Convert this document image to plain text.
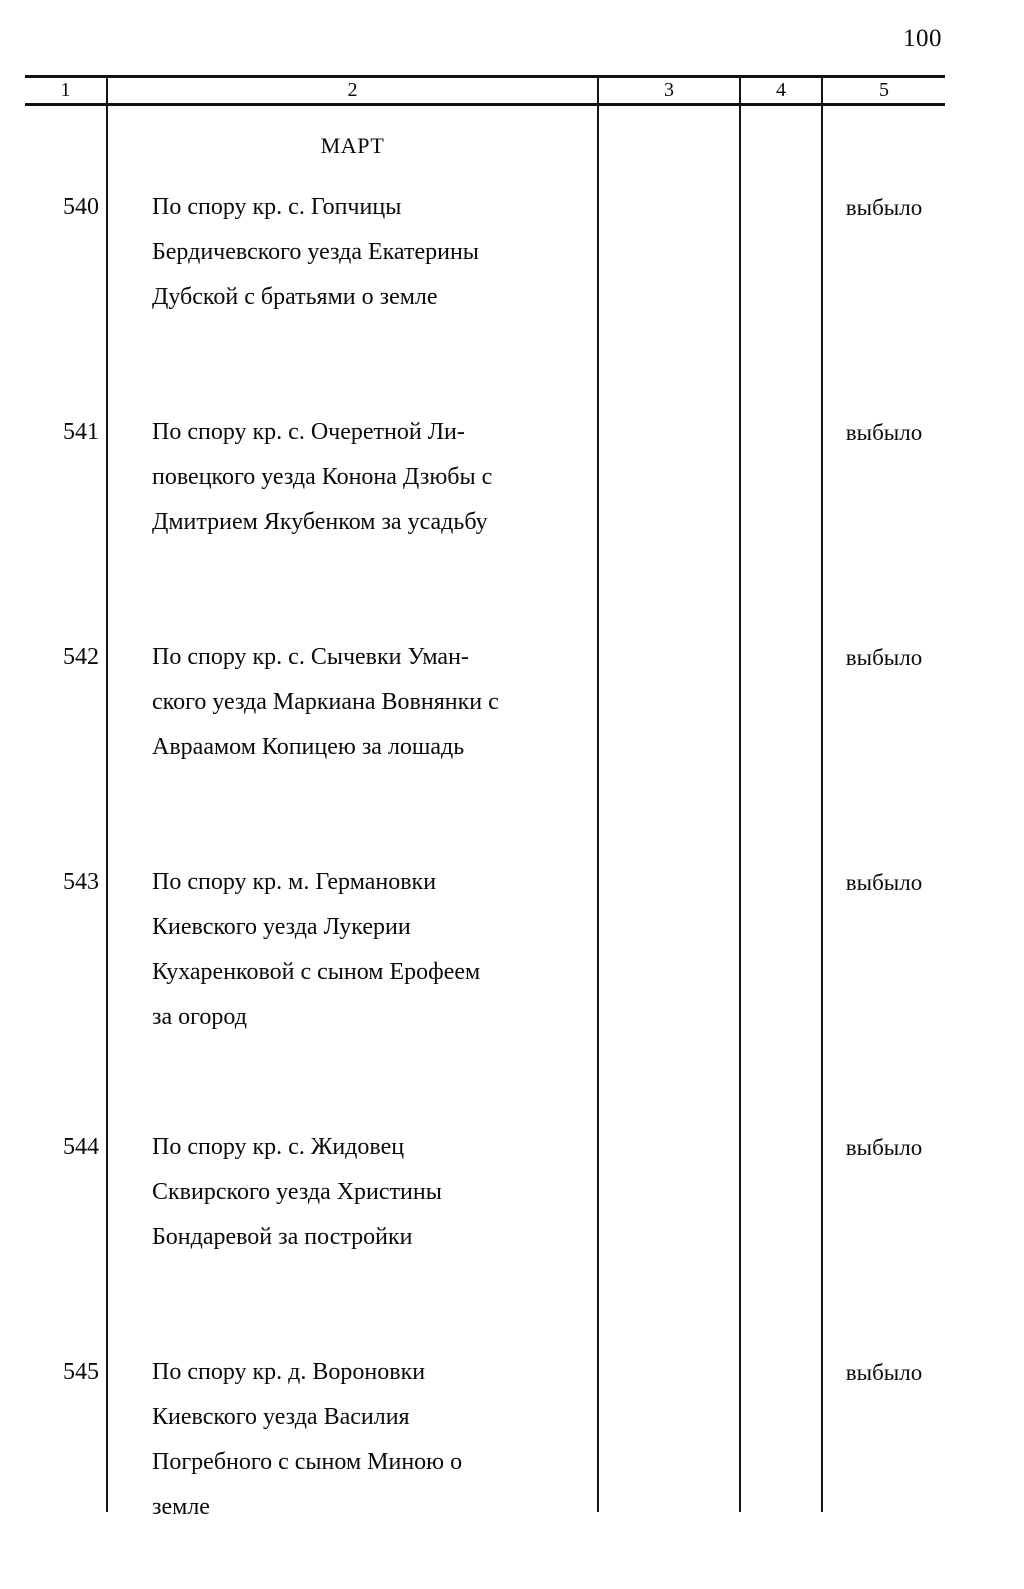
100
1	2	3	4	5
МАРТ
540 По спору кр. с. Гопчицы

Бердичевского уезда Екатерины

Дубской с братьями о земле

выбыло
541 По спору кр. с. Очеретной Ли-

повецкого уезда Конона Дзюбы с

Дмитрием Якубенком за усадьбу

выбыло
542 По спору кр. с. Сычевки Уман-

ского уезда Маркиана Вовнянки с

Авраамом Копицею за лошадь

выбыло
543 По спору кр. м. Германовки

Киевского уезда Лукерии

Кухаренковой с сыном Ерофеем

за огород

выбыло
544 По спору кр. с. Жидовец

Сквирского уезда Христины

Бондаревой за постройки

выбыло
545 По спору кр. д. Вороновки

Киевского уезда Василия

Погребного с сыном Миною о

земле

выбыло
